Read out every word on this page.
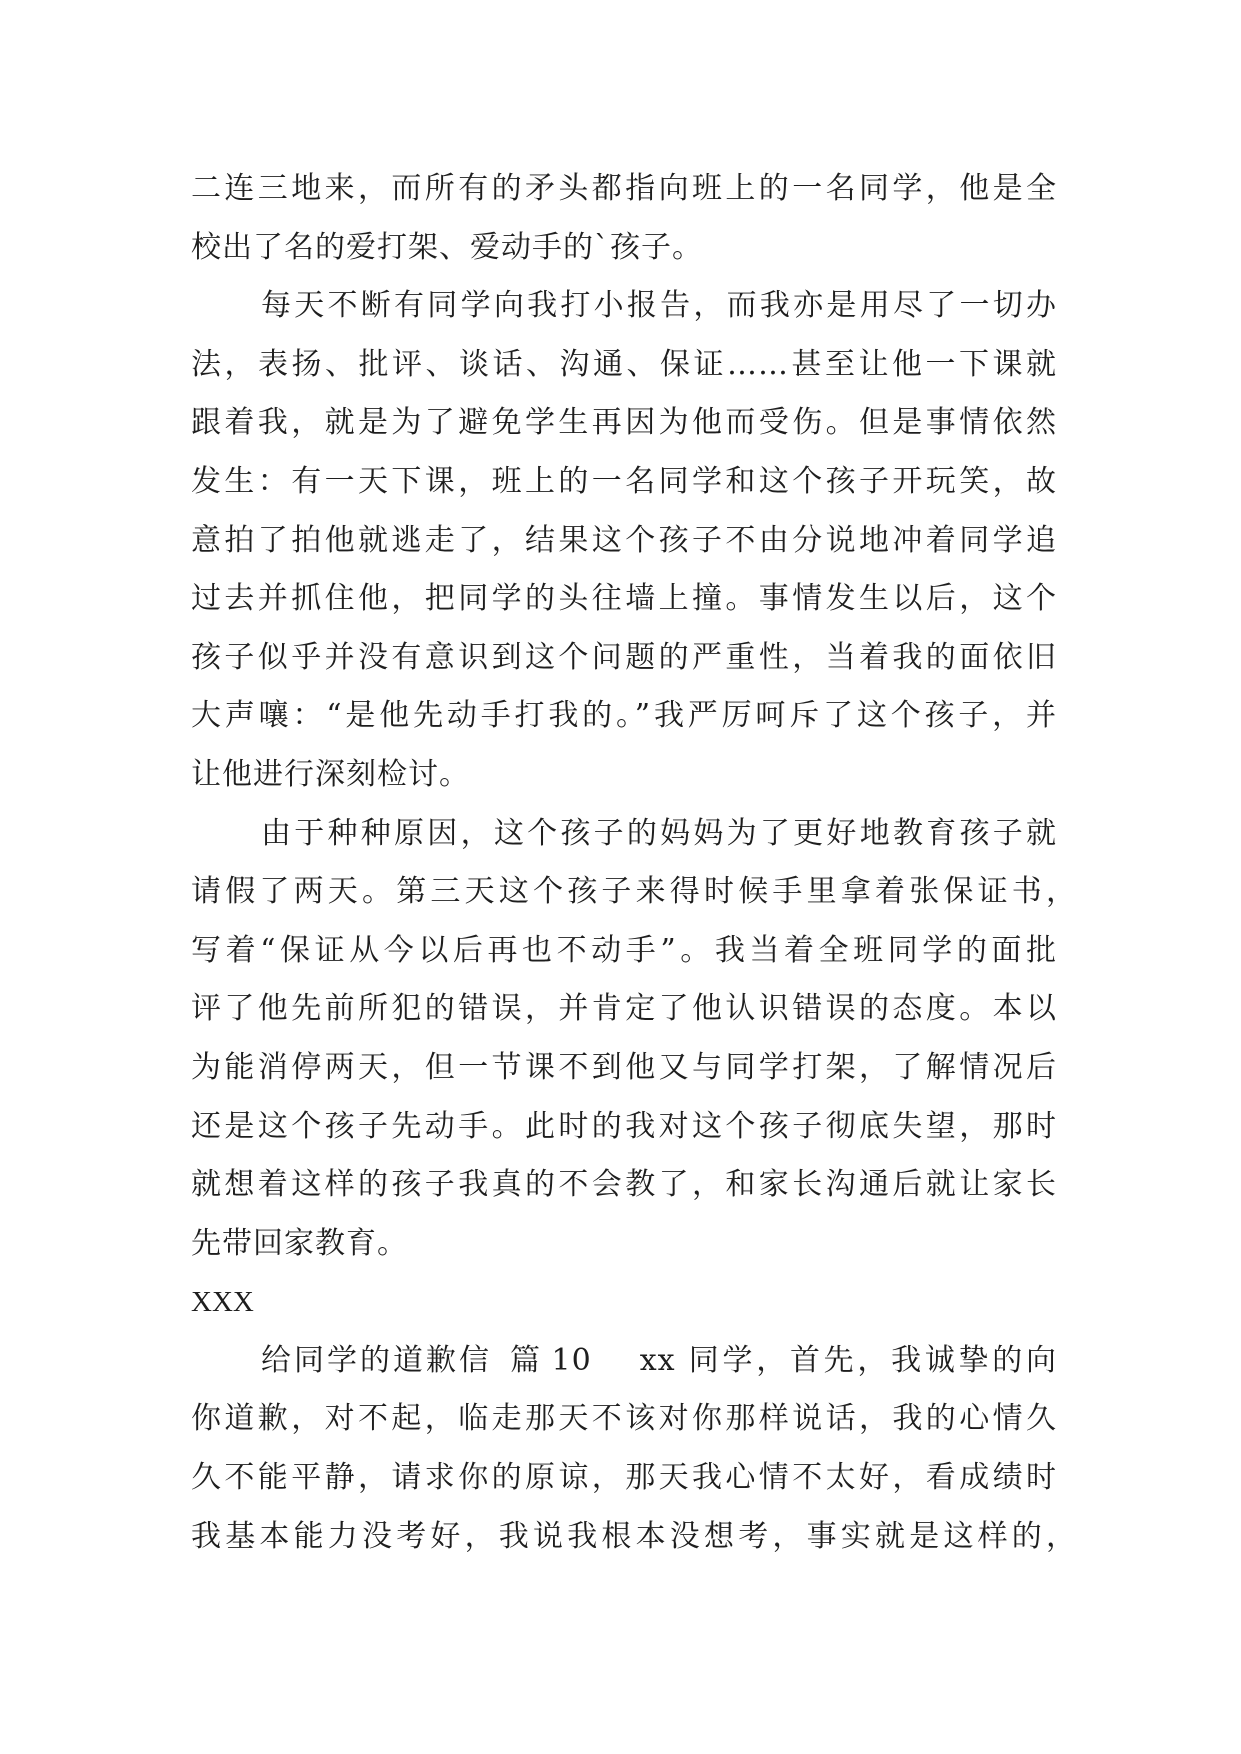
二连三地来，而所有的矛头都指向班上的一名同学，他是全
校出了名的爱打架、爱动手的`孩子。
每天不断有同学向我打小报告，而我亦是用尽了一切办
法，表扬、批评、谈话、沟通、保证……甚至让他一下课就
跟着我，就是为了避免学生再因为他而受伤。但是事情依然
发生：有一天下课，班上的一名同学和这个孩子开玩笑，故
意拍了拍他就逃走了，结果这个孩子不由分说地冲着同学追
过去并抓住他，把同学的头往墙上撞。事情发生以后，这个
孩子似乎并没有意识到这个问题的严重性，当着我的面依旧
大声嚷：“是他先动手打我的。”我严厉呵斥了这个孩子，并
让他进行深刻检讨。
由于种种原因，这个孩子的妈妈为了更好地教育孩子就
请假了两天。第三天这个孩子来得时候手里拿着张保证书，
写着“保证从今以后再也不动手”。我当着全班同学的面批
评了他先前所犯的错误，并肯定了他认识错误的态度。本以
为能消停两天，但一节课不到他又与同学打架，了解情况后
还是这个孩子先动手。此时的我对这个孩子彻底失望，那时
就想着这样的孩子我真的不会教了，和家长沟通后就让家长
先带回家教育。
XXX
给同学的道歉信 篇 10 xx 同学，首先，我诚挚的向
你道歉，对不起，临走那天不该对你那样说话，我的心情久
久不能平静，请求你的原谅，那天我心情不太好，看成绩时
我基本能力没考好，我说我根本没想考，事实就是这样的，
